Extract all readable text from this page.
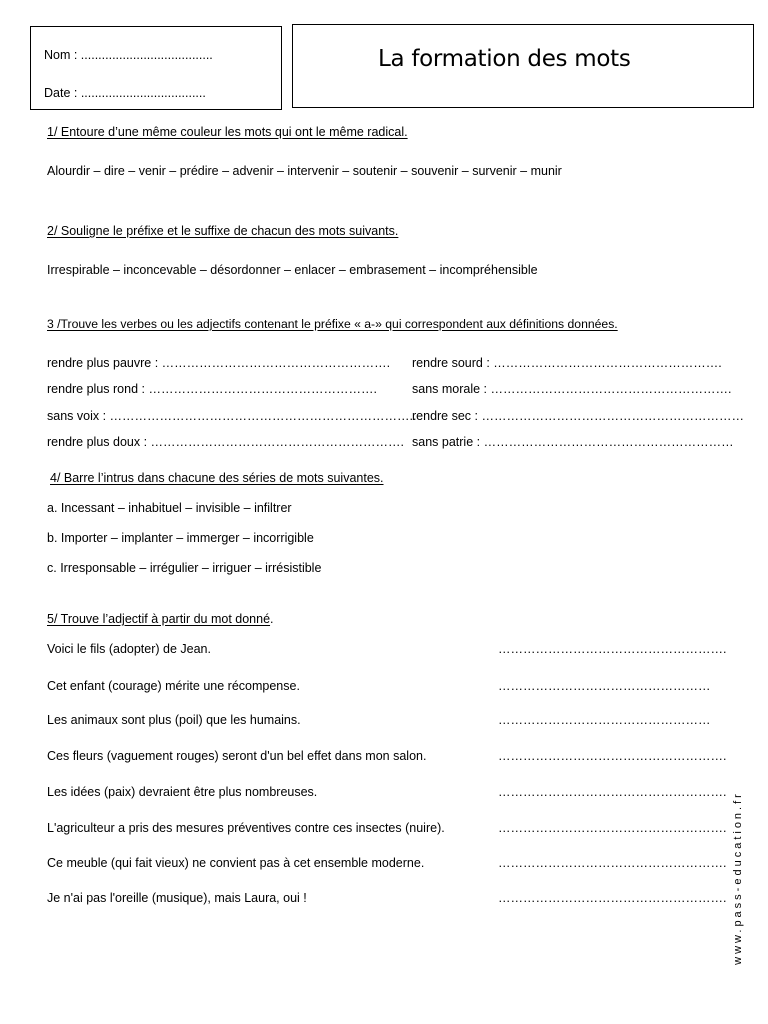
Nom : ......................................
Date : ....................................
La formation des mots
1/ Entoure d’une même couleur les mots qui ont le même radical.
Alourdir – dire – venir – prédire – advenir – intervenir – soutenir – souvenir – survenir – munir
2/ Souligne le préfixe et le suffixe de chacun des mots suivants.
Irrespirable – inconcevable – désordonner – enlacer – embrasement – incompréhensible
3 /Trouve les verbes ou les adjectifs contenant le préfixe « a-» qui correspondent aux définitions données.
rendre plus pauvre : ……………………………………………….
rendre plus rond : ……………………………………………….
sans voix : ………………………………………………………………..
rendre plus doux : …………………………………………………….
rendre sourd : ……………………………………………….
sans morale : ………………………………………………….
rendre sec : ………………………………………………………
sans patrie : ……………………………………………………
4/ Barre l’intrus dans chacune des séries de mots suivantes.
a. Incessant – inhabituel – invisible – infiltrer
b. Importer – implanter – immerger – incorrigible
c. Irresponsable – irrégulier – irriguer – irrésistible
5/ Trouve l’adjectif à partir du mot donné.
Voici le fils (adopter) de Jean.
Cet enfant (courage) mérite une récompense.
Les animaux sont plus (poil) que les humains.
Ces fleurs (vaguement rouges) seront d'un bel effet dans mon salon.
Les idées (paix) devraient être plus nombreuses.
L'agriculteur a pris des mesures préventives contre ces insectes (nuire).
Ce meuble (qui fait vieux) ne convient pas à cet ensemble moderne.
Je n'ai pas l'oreille (musique), mais Laura, oui !
……………………………………………….
……………………………………………
……………………………………………
……………………………………………….
……………………………………………….
……………………………………………….
……………………………………………….
………………………………………………. www.pass-education.fr
